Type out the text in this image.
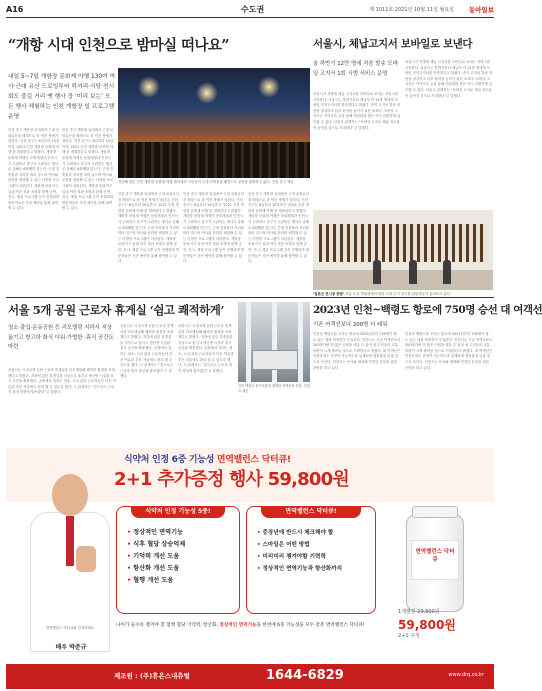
A16	수도권	제 1011호 2021년 10월 11일 월요일 동아일보
“개항 시대 인천으로 밤마실 떠나요”
내일 5~7일 개항장 문화재 야행 130여 역사·근대 유산 드로잉투어 럭셔리·식당·전시회도 즐길 거리 옛 행사 장 ‘미리 보는’ 모든 행사 체험하는 인천 개항장 일 프로그램 운영
인천 중구 개항장 일대에서 근대 문화유산을 배경으로 한 야간 축제가 열린다. 인천 중구는 8일부터 10일까지 ‘2021 인천 개항장 문화재 야행’을 개최한다고 밝혔다. 개항장 문화재 야행은 문화재청과 인천시가 주최하고 중구가 주관하는 행사로 올해로 6회째를 맞는다. 근대 건축물과 거리를 따라 걸으며 역사와 문화를 체험할 수 있는 다양한 프로그램이 마련된다. 개항장 문화지구 일대 야간 경관 조명과 함께 공연, 전시, 체험 프로그램 등이 진행되며 방문객들은 사전 예약을 통해 참여할 수 있다.
인천 중구 개항장 일대에서 근대 문화유산을 배경으로 한 야간 축제가 열린다. 인천 중구는 8일부터 10일까지 ‘2021 인천 개항장 문화재 야행’을 개최한다고 밝혔다. 개항장 문화재 야행은 문화재청과 인천시가 주최하고 중구가 주관하는 행사로 올해로 6회째를 맞는다. 근대 건축물과 거리를 따라 걸으며 역사와 문화를 체험할 수 있는 다양한 프로그램이 마련된다. 개항장 문화지구 일대 야간 경관 조명과 함께 공연, 전시, 체험 프로그램 등이 진행되며 방문객들은 사전 예약을 통해 참여할 수 있다.
지난해 열린 인천 개항장 문화재 야행 행사에서 시민들이 근대 건축물을 배경으로 공연을 관람하고 있다. 인천 중구 제공
인천 중구 개항장 일대에서 근대 문화유산을 배경으로 한 야간 축제가 열린다. 인천 중구는 8일부터 10일까지 ‘2021 인천 개항장 문화재 야행’을 개최한다고 밝혔다. 개항장 문화재 야행은 문화재청과 인천시가 주최하고 중구가 주관하는 행사로 올해로 6회째를 맞는다. 근대 건축물과 거리를 따라 걸으며 역사와 문화를 체험할 수 있는 다양한 프로그램이 마련된다. 개항장 문화지구 일대 야간 경관 조명과 함께 공연, 전시, 체험 프로그램 등이 진행되며 방문객들은 사전 예약을 통해 참여할 수 있다.
인천 중구 개항장 일대에서 근대 문화유산을 배경으로 한 야간 축제가 열린다. 인천 중구는 8일부터 10일까지 ‘2021 인천 개항장 문화재 야행’을 개최한다고 밝혔다. 개항장 문화재 야행은 문화재청과 인천시가 주최하고 중구가 주관하는 행사로 올해로 6회째를 맞는다. 근대 건축물과 거리를 따라 걸으며 역사와 문화를 체험할 수 있는 다양한 프로그램이 마련된다. 개항장 문화지구 일대 야간 경관 조명과 함께 공연, 전시, 체험 프로그램 등이 진행되며 방문객들은 사전 예약을 통해 참여할 수 있다.
인천 중구 개항장 일대에서 근대 문화유산을 배경으로 한 야간 축제가 열린다. 인천 중구는 8일부터 10일까지 ‘2021 인천 개항장 문화재 야행’을 개최한다고 밝혔다. 개항장 문화재 야행은 문화재청과 인천시가 주최하고 중구가 주관하는 행사로 올해로 6회째를 맞는다. 근대 건축물과 거리를 따라 걸으며 역사와 문화를 체험할 수 있는 다양한 프로그램이 마련된다. 개항장 문화지구 일대 야간 경관 조명과 함께 공연, 전시, 체험 프로그램 등이 진행되며 방문객들은 사전 예약을 통해 참여할 수 있다.
서울시, 체납고지서 보바일로 보낸다
올 하반기 12만 명에 처음 발송 모바일 고지서 1회 시범 서비스 운영
서울시가 지방세 체납 고지서를 모바일로 보내는 서비스를 시작한다. 서울시는 하반기부터 체납자 약 12만 명에게 모바일 전자고지서를 발송한다고 밝혔다. 종이 고지서 발송 비용을 절감하고 납부 편의를 높이기 위한 조치다. 모바일 고지서는 카카오톡 등을 통해 전달되며 받은 즉시 간편하게 납부할 수 있다. 서울시 관계자는 “모바일 고지로 체납 징수율이 높아질 것으로 기대한다”고 말했다.
서울시가 지방세 체납 고지서를 모바일로 보내는 서비스를 시작한다. 서울시는 하반기부터 체납자 약 12만 명에게 모바일 전자고지서를 발송한다고 밝혔다. 종이 고지서 발송 비용을 절감하고 납부 편의를 높이기 위한 조치다. 모바일 고지서는 카카오톡 등을 통해 전달되며 받은 즉시 간편하게 납부할 수 있다. 서울시 관계자는 “모바일 고지로 체납 징수율이 높아질 것으로 기대한다”고 말했다.
‘일본군 전시장 관람’ 서울 도성 박물관에서 열린 고대 무기 전시를 관람객들이 둘러보고 있다.
서울 5개 공원 근로자 휴게실 ‘쉼고 쾌적하게’
청소·출입·운동공원 등 리모델링 지하서 지상 옮기고 방고하 화식 더워·가볍한 ·휴식 공간도 마련
서울시는 시내 5개 공원 근로자 휴게실을 리모델링해 쾌적한 환경을 조성했다고 밝혔다. 지하에 있던 휴게실을 지상으로 옮기고 냉난방 시설과 휴식 공간을 확충했다. 공원에서 일하는 청소, 시설 관리 근로자들이 더운 여름과 추운 겨울에도 편히 쉴 수 있도록 했다. 시 관계자는 “앞으로도 근로자 복지 향상에 힘쓰겠다”고 말했다.
서울시는 시내 5개 공원 근로자 휴게실을 리모델링해 쾌적한 환경을 조성했다고 밝혔다. 지하에 있던 휴게실을 지상으로 옮기고 냉난방 시설과 휴식 공간을 확충했다. 공원에서 일하는 청소, 시설 관리 근로자들이 더운 여름과 추운 겨울에도 편히 쉴 수 있도록 했다. 시 관계자는 “앞으로도 근로자 복지 향상에 힘쓰겠다”고 말했다.
서울시는 시내 5개 공원 근로자 휴게실을 리모델링해 쾌적한 환경을 조성했다고 밝혔다. 지하에 있던 휴게실을 지상으로 옮기고 냉난방 시설과 휴식 공간을 확충했다. 공원에서 일하는 청소, 시설 관리 근로자들이 더운 여름과 추운 겨울에도 편히 쉴 수 있도록 했다. 시 관계자는 “앞으로도 근로자 복지 향상에 힘쓰겠다”고 말했다.
인천 백령도 용기포항에 정박한 여객선의 모습. 인천시 제공
2023년 인천~백령도 항로에 750명 승선 대 여객선
기존 여객선보다 200명 더 태워
인천과 백령도를 오가는 항로에 2023년부터 750명이 탈 수 있는 대형 여객선이 투입된다. 인천시는 기존 여객선보다 200명가량 더 많은 인원을 태울 수 있어 섬 주민들의 교통 불편이 크게 줄어들 것으로 기대한다고 밝혔다. 새 여객선은 악천후에도 운항이 가능하도록 설계되며 결항률을 낮출 것으로 보인다. 인천시는 선사와 협력해 안전한 운항을 위한 준비를 하고 있다.
인천과 백령도를 오가는 항로에 2023년부터 750명이 탈 수 있는 대형 여객선이 투입된다. 인천시는 기존 여객선보다 200명가량 더 많은 인원을 태울 수 있어 섬 주민들의 교통 불편이 크게 줄어들 것으로 기대한다고 밝혔다. 새 여객선은 악천후에도 운항이 가능하도록 설계되며 결항률을 낮출 것으로 보인다. 인천시는 선사와 협력해 안전한 운항을 위한 준비를 하고 있다.
식약처 인정 6중 기능성 면역밸런스 닥터큐!
2+1 추가증정 행사 59,800원
면역밸런스 닥터큐와 건강하세요
배우 박준규
식약처 인정 기능성 5중!
• 정상적인 면역기능
• 식후 혈당 상승억제
• 기억력 개선 도움
• 항산화 개선 도움
• 혈행 개선 도움
면역밸런스 닥터큐!
• 중장년에 반드시 체크해야 할
• 스마일은 어떤 방법
• 미리미리 챙겨야할 기력력
• 정상적인 면역기능과 항산화까지
면역밸런스 닥터큐
1개월분 29,800원
59,800원
2+1 구성
나이가 들수록 챙겨야 할 혈행 혈당 기억력, 항산화, 정상적인 면역기능을 한번에 6중 기능성을 모두 갖춘 면역밸런스 닥터큐!
제조원 : (주)휴온스내츄럴	1644-6829	www.drq.co.kr
